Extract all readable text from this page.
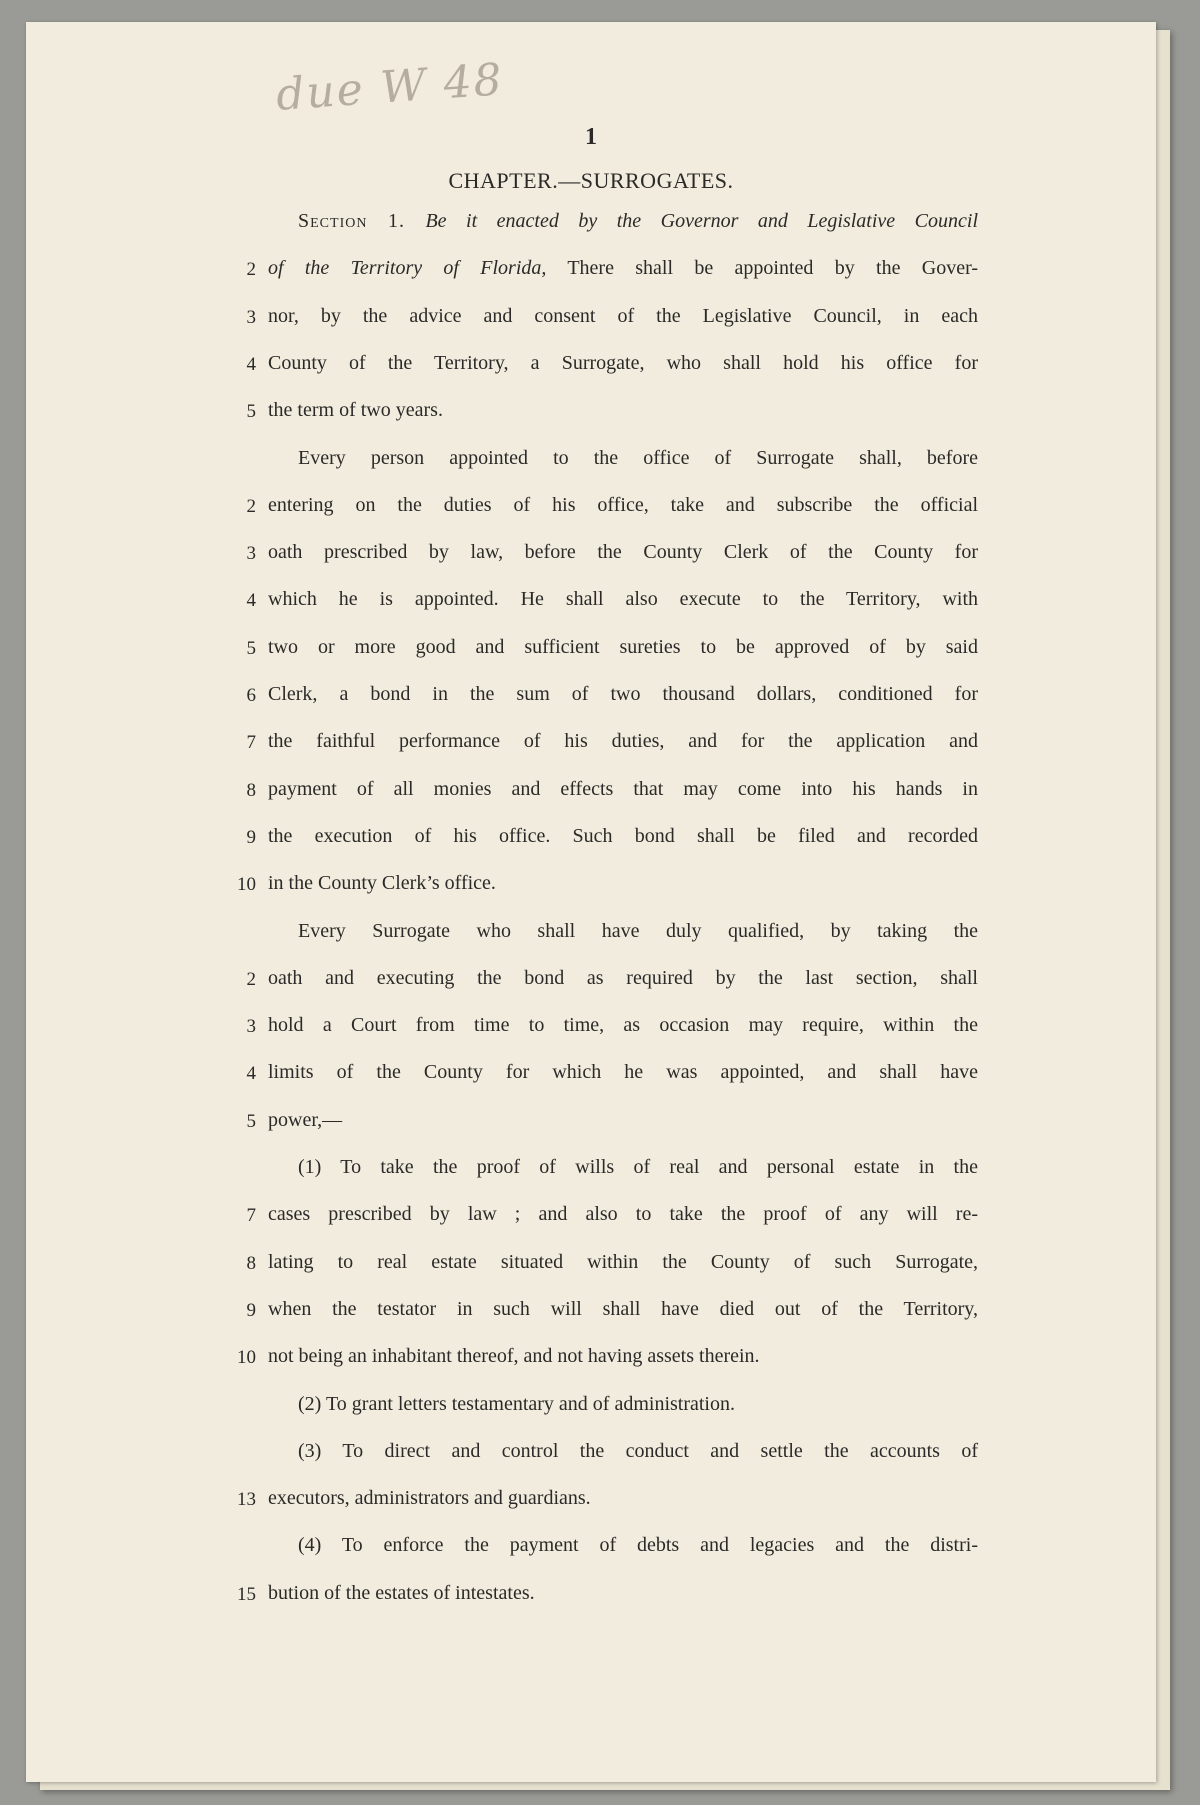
due W 48
1
CHAPTER.—SURROGATES.
Section 1. Be it enacted by the Governor and Legislative Council
2 of the Territory of Florida, There shall be appointed by the Gover-
3 nor, by the advice and consent of the Legislative Council, in each
4 County of the Territory, a Surrogate, who shall hold his office for
5 the term of two years.
Every person appointed to the office of Surrogate shall, before
2 entering on the duties of his office, take and subscribe the official
3 oath prescribed by law, before the County Clerk of the County for
4 which he is appointed. He shall also execute to the Territory, with
5 two or more good and sufficient sureties to be approved of by said
6 Clerk, a bond in the sum of two thousand dollars, conditioned for
7 the faithful performance of his duties, and for the application and
8 payment of all monies and effects that may come into his hands in
9 the execution of his office. Such bond shall be filed and recorded
10 in the County Clerk’s office.
Every Surrogate who shall have duly qualified, by taking the
2 oath and executing the bond as required by the last section, shall
3 hold a Court from time to time, as occasion may require, within the
4 limits of the County for which he was appointed, and shall have
5 power,—
(1) To take the proof of wills of real and personal estate in the
7 cases prescribed by law ; and also to take the proof of any will re-
8 lating to real estate situated within the County of such Surrogate,
9 when the testator in such will shall have died out of the Territory,
10 not being an inhabitant thereof, and not having assets therein.
(2) To grant letters testamentary and of administration.
(3) To direct and control the conduct and settle the accounts of
13 executors, administrators and guardians.
(4) To enforce the payment of debts and legacies and the distri-
15 bution of the estates of intestates.
